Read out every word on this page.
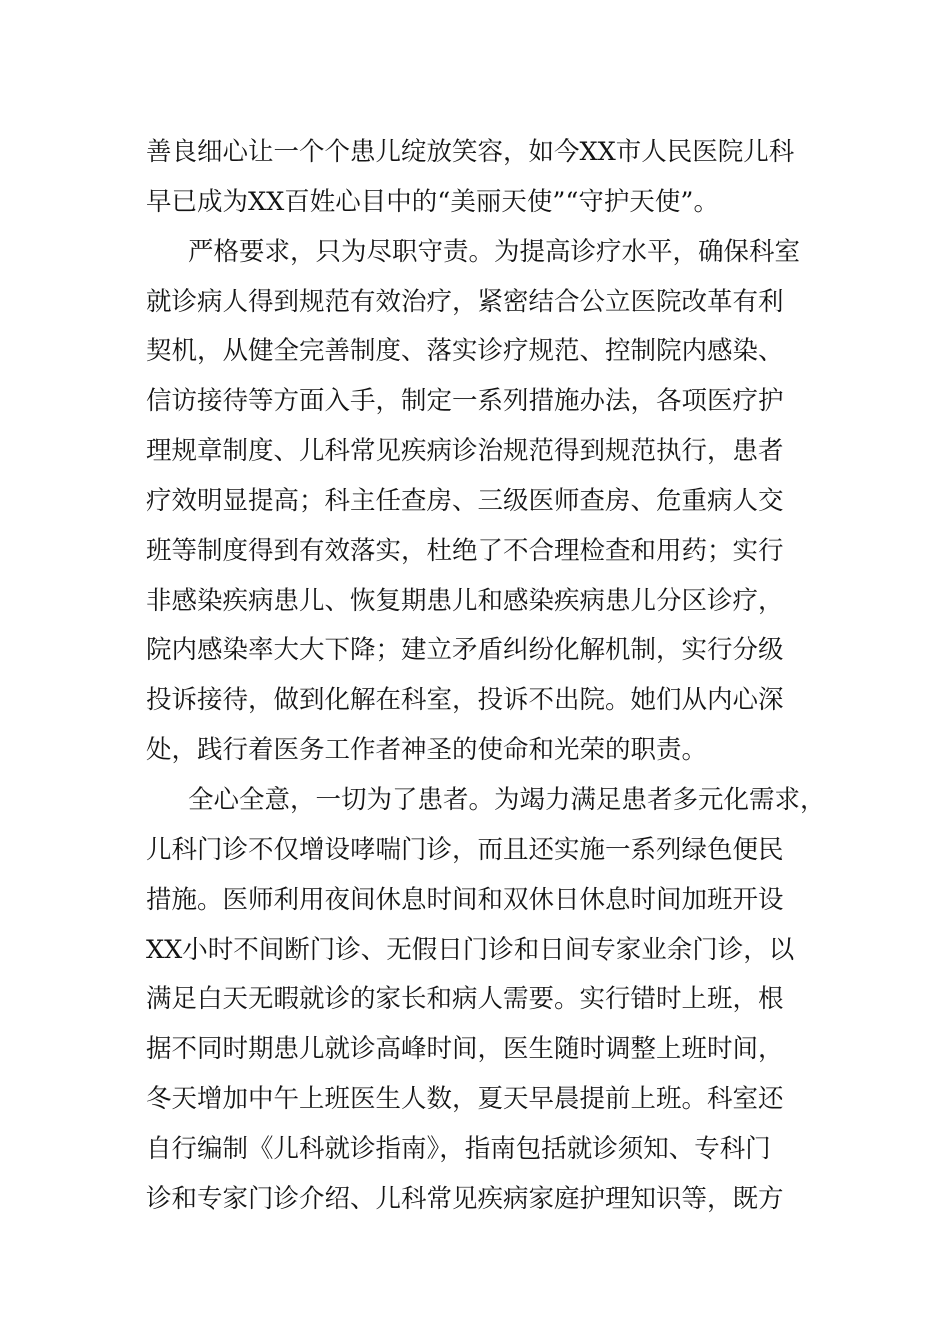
善良细心让一个个患儿绽放笑容，如今XX市人民医院儿科
早已成为XX百姓心目中的“美丽天使”“守护天使”。
严格要求，只为尽职守责。为提高诊疗水平，确保科室
就诊病人得到规范有效治疗，紧密结合公立医院改革有利
契机，从健全完善制度、落实诊疗规范、控制院内感染、
信访接待等方面入手，制定一系列措施办法，各项医疗护
理规章制度、儿科常见疾病诊治规范得到规范执行，患者
疗效明显提高；科主任查房、三级医师查房、危重病人交
班等制度得到有效落实，杜绝了不合理检查和用药；实行
非感染疾病患儿、恢复期患儿和感染疾病患儿分区诊疗，
院内感染率大大下降；建立矛盾纠纷化解机制，实行分级
投诉接待，做到化解在科室，投诉不出院。她们从内心深
处，践行着医务工作者神圣的使命和光荣的职责。
全心全意，一切为了患者。为竭力满足患者多元化需求，
儿科门诊不仅增设哮喘门诊，而且还实施一系列绿色便民
措施。医师利用夜间休息时间和双休日休息时间加班开设
XX小时不间断门诊、无假日门诊和日间专家业余门诊，以
满足白天无暇就诊的家长和病人需要。实行错时上班，根
据不同时期患儿就诊高峰时间，医生随时调整上班时间，
冬天增加中午上班医生人数，夏天早晨提前上班。科室还
自行编制《儿科就诊指南》，指南包括就诊须知、专科门
诊和专家门诊介绍、儿科常见疾病家庭护理知识等，既方
